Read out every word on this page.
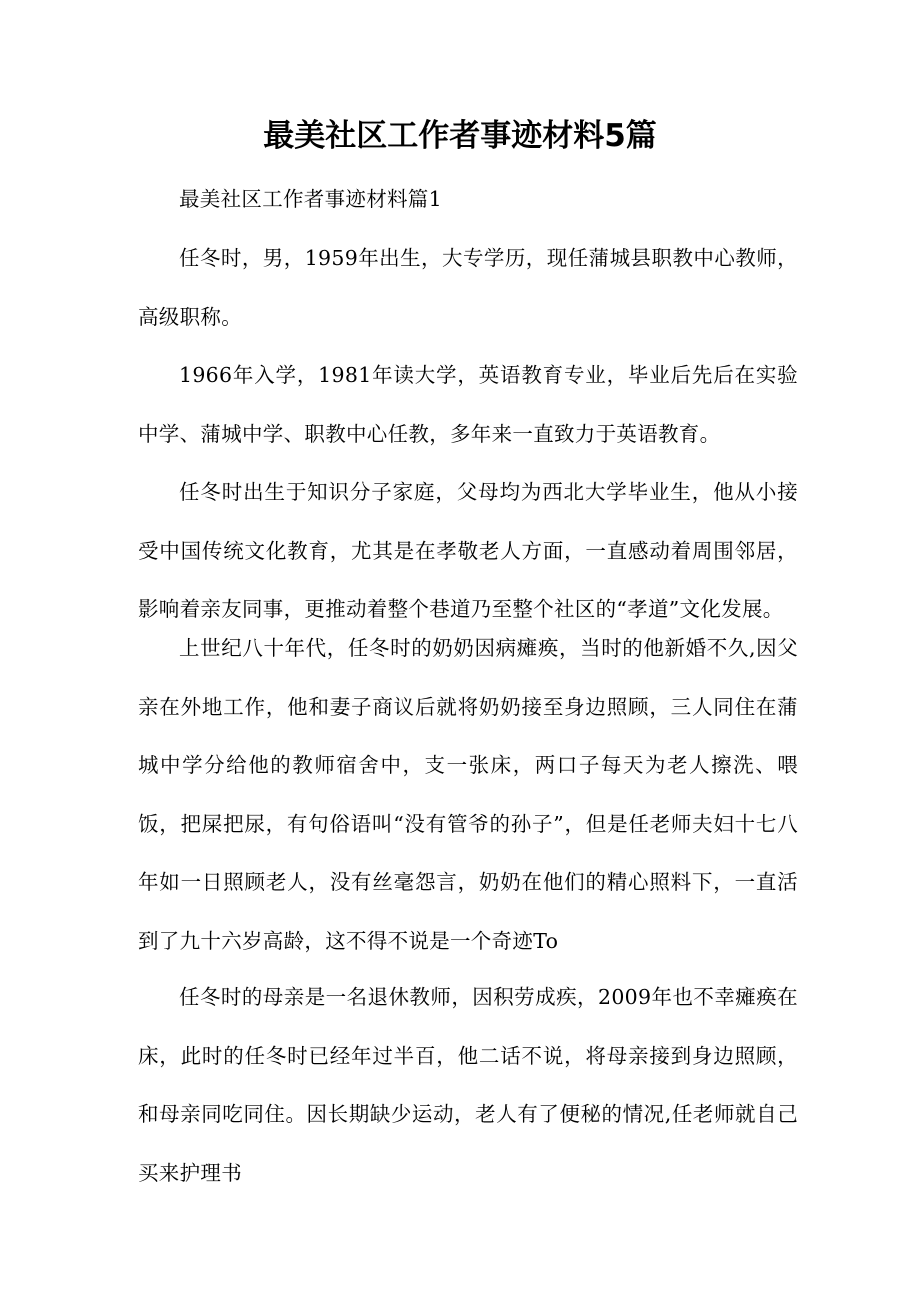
最美社区工作者事迹材料5篇

最美社区工作者事迹材料篇1

任冬时，男，1959年出生，大专学历，现任蒲城县职教中心教师，高级职称。

1966年入学，1981年读大学，英语教育专业，毕业后先后在实验中学、蒲城中学、职教中心任教，多年来一直致力于英语教育。

任冬时出生于知识分子家庭，父母均为西北大学毕业生，他从小接受中国传统文化教育，尤其是在孝敬老人方面，一直感动着周围邻居，影响着亲友同事，更推动着整个巷道乃至整个社区的“孝道”文化发展。

上世纪八十年代，任冬时的奶奶因病瘫痪，当时的他新婚不久,因父亲在外地工作，他和妻子商议后就将奶奶接至身边照顾，三人同住在蒲城中学分给他的教师宿舍中，支一张床，两口子每天为老人擦洗、喂饭，把屎把尿，有句俗语叫“没有管爷的孙子”，但是任老师夫妇十七八年如一日照顾老人，没有丝毫怨言，奶奶在他们的精心照料下，一直活到了九十六岁高龄，这不得不说是一个奇迹To

任冬时的母亲是一名退休教师，因积劳成疾，2009年也不幸瘫痪在床，此时的任冬时已经年过半百，他二话不说，将母亲接到身边照顾，和母亲同吃同住。因长期缺少运动，老人有了便秘的情况,任老师就自己买来护理书
